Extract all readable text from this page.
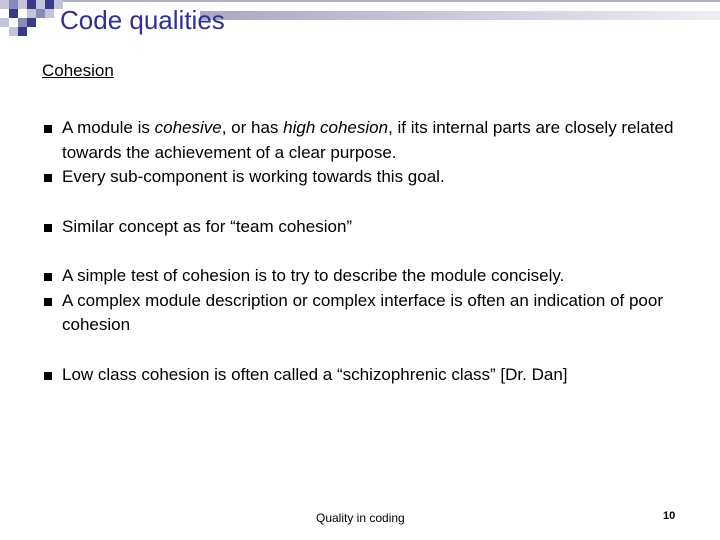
Code qualities
Cohesion
A module is cohesive, or has high cohesion, if its internal parts are closely related towards the achievement of a clear purpose.
Every sub-component is working towards this goal.
Similar concept as for “team cohesion”
A simple test of cohesion is to try to describe the module concisely.
A complex module description or complex interface is often an indication of poor cohesion
Low class cohesion is often called a “schizophrenic class” [Dr. Dan]
Quality in coding	10
